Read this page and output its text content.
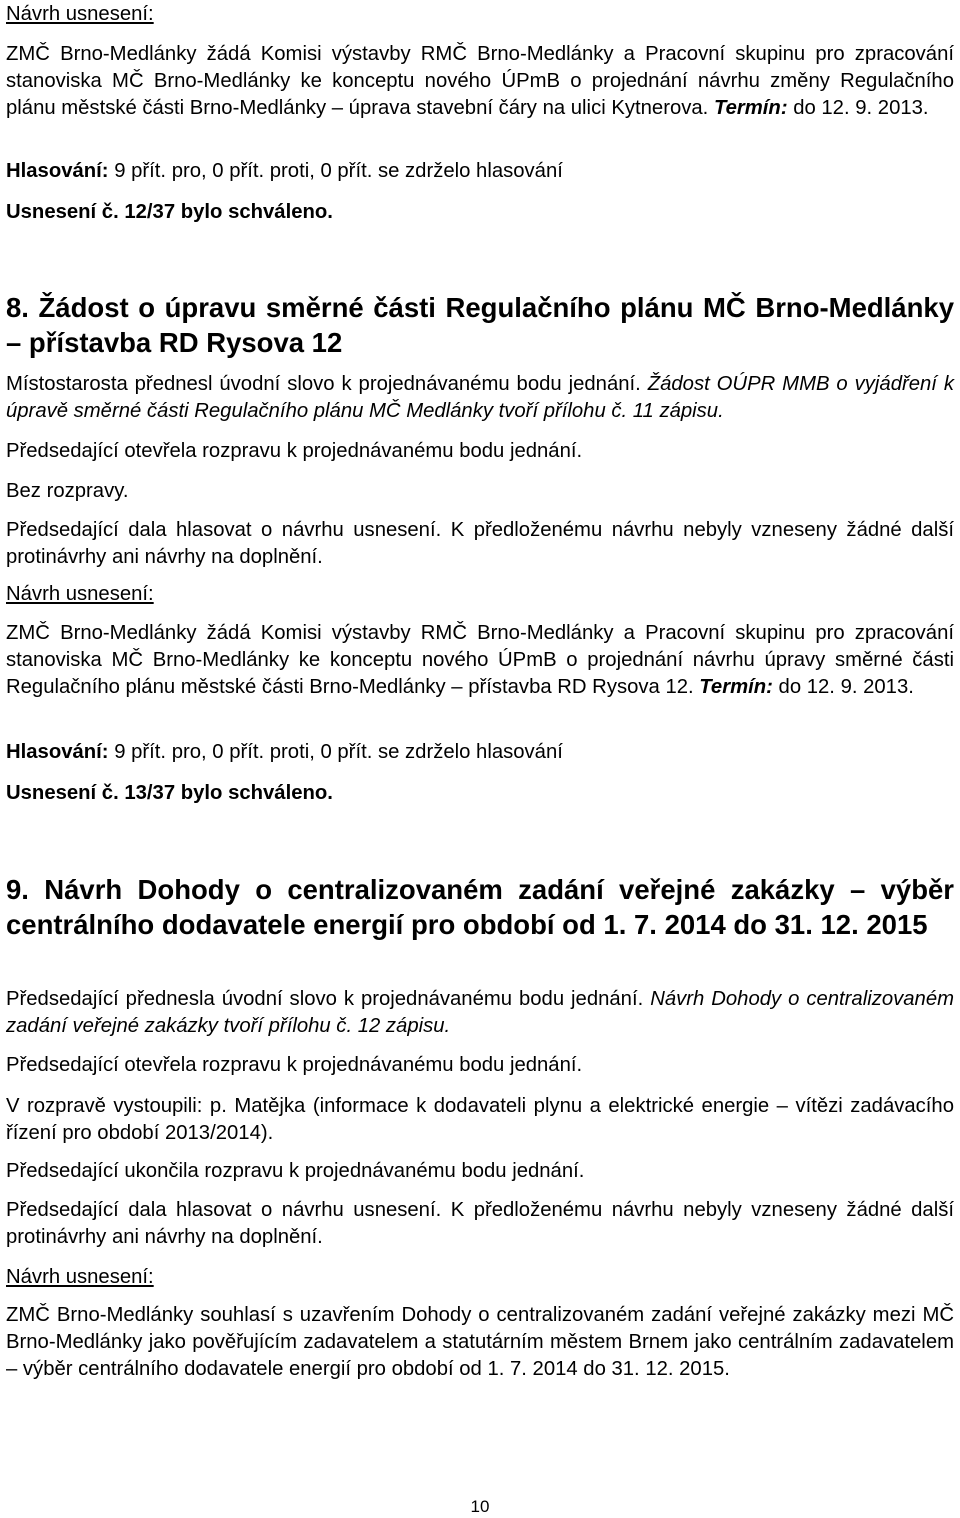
Návrh usnesení:

ZMČ Brno-Medlánky žádá Komisi výstavby RMČ Brno-Medlánky a Pracovní skupinu pro zpracování stanoviska MČ Brno-Medlánky ke konceptu nového ÚPmB o projednání návrhu změny Regulačního plánu městské části Brno-Medlánky – úprava stavební čáry na ulici Kytnerova. Termín: do 12. 9. 2013.

Hlasování: 9 přít. pro, 0 přít. proti, 0 přít. se zdrželo hlasování

Usnesení č. 12/37 bylo schváleno.

8. Žádost o úpravu směrné části Regulačního plánu MČ Brno-Medlánky – přístavba RD Rysova 12

Místostarosta přednesl úvodní slovo k projednávanému bodu jednání. Žádost OÚPR MMB o vyjádření k úpravě směrné části Regulačního plánu MČ Medlánky tvoří přílohu č. 11 zápisu.

Předsedající otevřela rozpravu k projednávanému bodu jednání.

Bez rozpravy.

Předsedající dala hlasovat o návrhu usnesení. K předloženému návrhu nebyly vzneseny žádné další protinávrhy ani návrhy na doplnění.

Návrh usnesení:

ZMČ Brno-Medlánky žádá Komisi výstavby RMČ Brno-Medlánky a Pracovní skupinu pro zpracování stanoviska MČ Brno-Medlánky ke konceptu nového ÚPmB o projednání návrhu úpravy směrné části Regulačního plánu městské části Brno-Medlánky – přístavba RD Rysova 12. Termín: do 12. 9. 2013.

Hlasování: 9 přít. pro, 0 přít. proti, 0 přít. se zdrželo hlasování

Usnesení č. 13/37 bylo schváleno.

9. Návrh Dohody o centralizovaném zadání veřejné zakázky – výběr centrálního dodavatele energií pro období od 1. 7. 2014 do 31. 12. 2015

Předsedající přednesla úvodní slovo k projednávanému bodu jednání. Návrh Dohody o centralizovaném zadání veřejné zakázky tvoří přílohu č. 12 zápisu.

Předsedající otevřela rozpravu k projednávanému bodu jednání.

V rozpravě vystoupili: p. Matějka (informace k dodavateli plynu a elektrické energie – vítězi zadávacího řízení pro období 2013/2014).

Předsedající ukončila rozpravu k projednávanému bodu jednání.

Předsedající dala hlasovat o návrhu usnesení. K předloženému návrhu nebyly vzneseny žádné další protinávrhy ani návrhy na doplnění.

Návrh usnesení:

ZMČ Brno-Medlánky souhlasí s uzavřením Dohody o centralizovaném zadání veřejné zakázky mezi MČ Brno-Medlánky jako pověřujícím zadavatelem a statutárním městem Brnem jako centrálním zadavatelem – výběr centrálního dodavatele energií pro období od 1. 7. 2014 do 31. 12. 2015.

10
